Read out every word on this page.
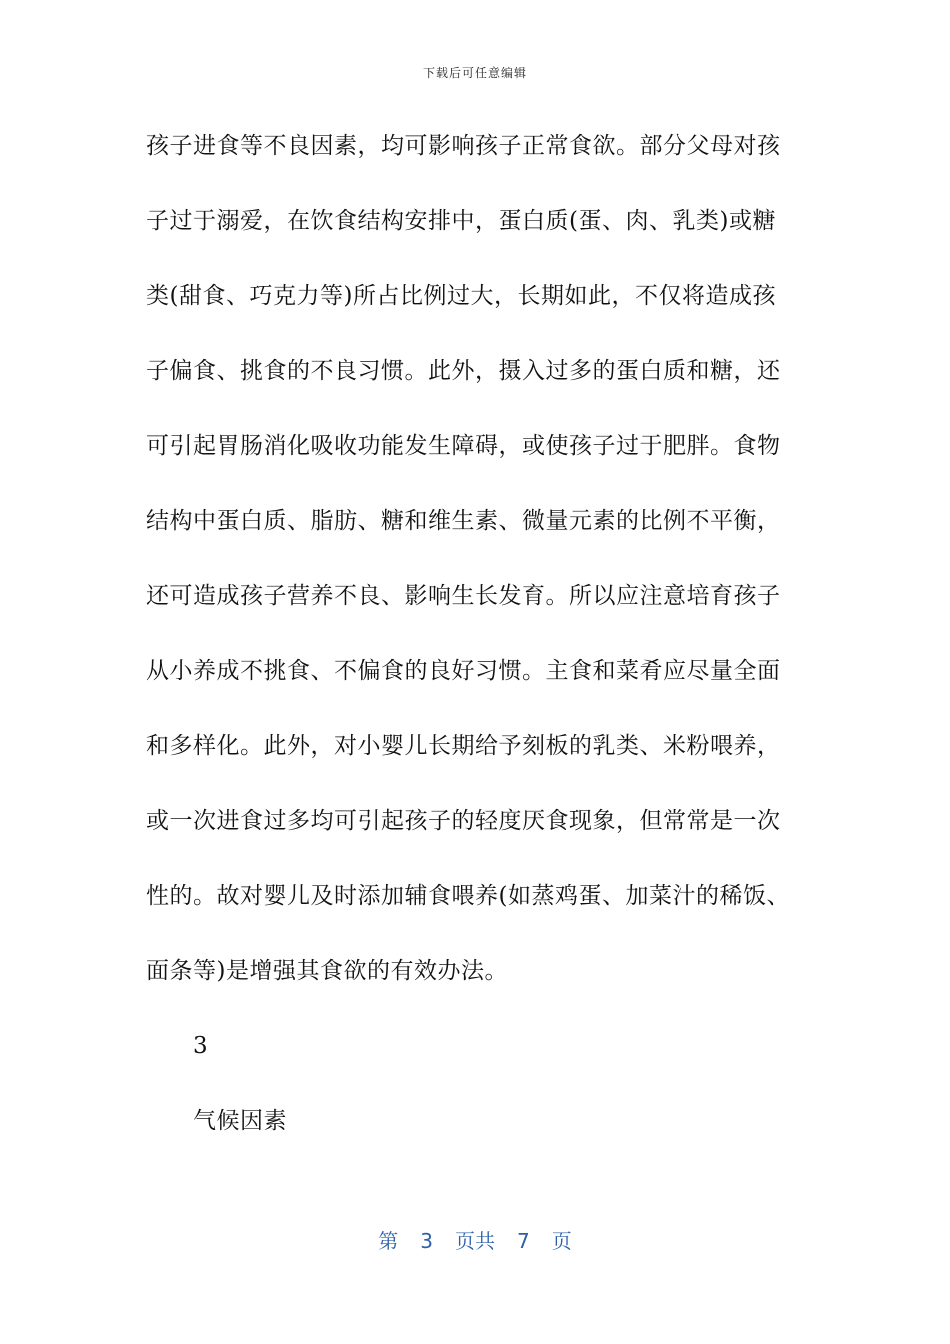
下载后可任意编辑
孩子进食等不良因素，均可影响孩子正常食欲。部分父母对孩
子过于溺爱，在饮食结构安排中，蛋白质(蛋、肉、乳类)或糖
类(甜食、巧克力等)所占比例过大，长期如此，不仅将造成孩
子偏食、挑食的不良习惯。此外，摄入过多的蛋白质和糖，还
可引起胃肠消化吸收功能发生障碍，或使孩子过于肥胖。食物
结构中蛋白质、脂肪、糖和维生素、微量元素的比例不平衡，
还可造成孩子营养不良、影响生长发育。所以应注意培育孩子
从小养成不挑食、不偏食的良好习惯。主食和菜肴应尽量全面
和多样化。此外，对小婴儿长期给予刻板的乳类、米粉喂养，
或一次进食过多均可引起孩子的轻度厌食现象，但常常是一次
性的。故对婴儿及时添加辅食喂养(如蒸鸡蛋、加菜汁的稀饭、
面条等)是增强其食欲的有效办法。
3
气候因素
第 3 页共 7 页
